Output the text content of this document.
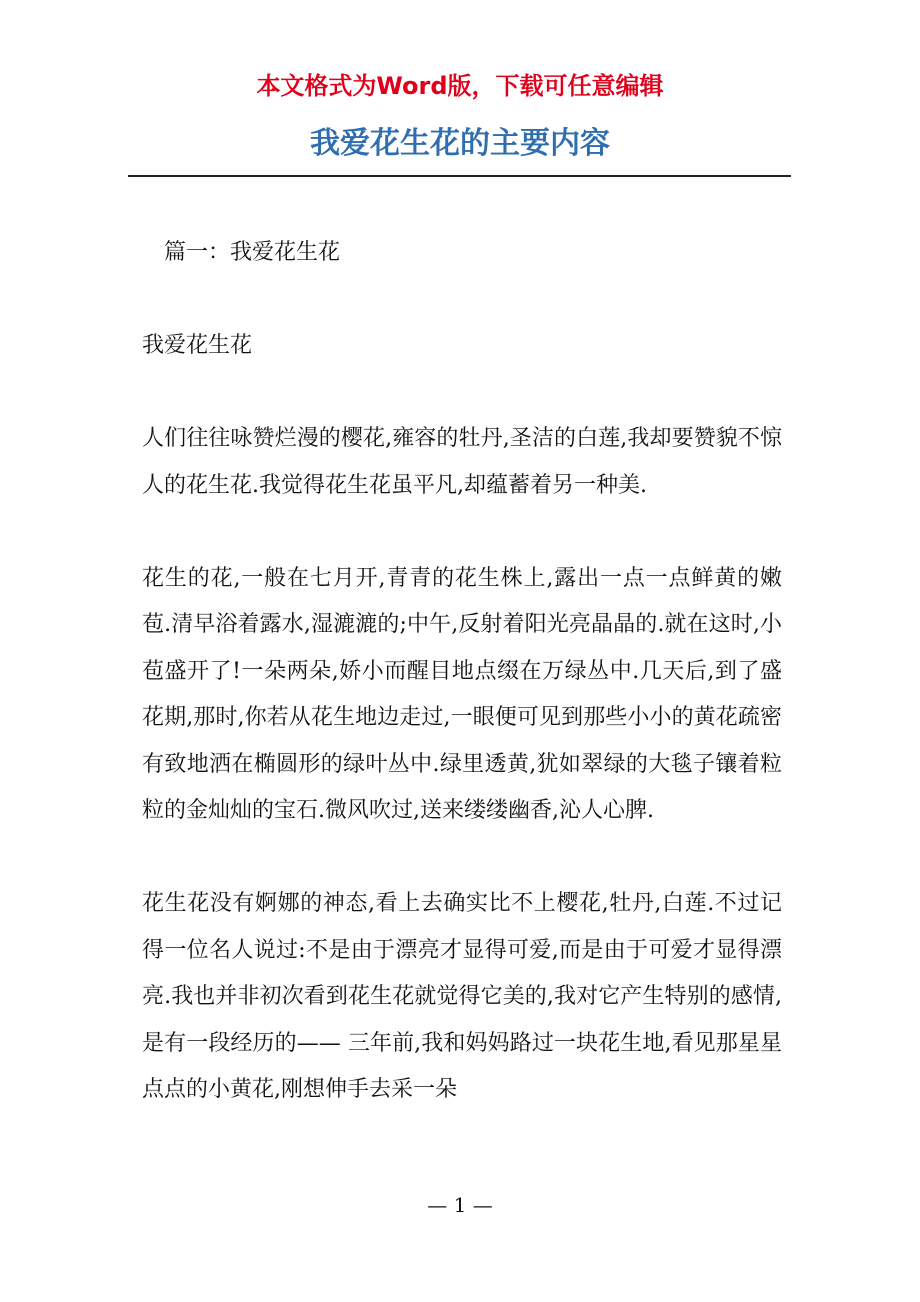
本文格式为Word版，下载可任意编辑
我爱花生花的主要内容

篇一：我爱花生花

我爱花生花

人们往往咏赞烂漫的樱花,雍容的牡丹,圣洁的白莲,我却要赞貌不惊人的花生花.我觉得花生花虽平凡,却蕴蓄着另一种美.

花生的花,一般在七月开,青青的花生株上,露出一点一点鲜黄的嫩苞.清早浴着露水,湿漉漉的;中午,反射着阳光亮晶晶的.就在这时,小苞盛开了!一朵两朵,娇小而醒目地点缀在万绿丛中.几天后,到了盛花期,那时,你若从花生地边走过,一眼便可见到那些小小的黄花疏密有致地洒在椭圆形的绿叶丛中.绿里透黄,犹如翠绿的大毯子镶着粒粒的金灿灿的宝石.微风吹过,送来缕缕幽香,沁人心脾.

花生花没有婀娜的神态,看上去确实比不上樱花,牡丹,白莲.不过记得一位名人说过:不是由于漂亮才显得可爱,而是由于可爱才显得漂亮.我也并非初次看到花生花就觉得它美的,我对它产生特别的感情,是有一段经历的—— 三年前,我和妈妈路过一块花生地,看见那星星点点的小黄花,刚想伸手去采一朵

— 1 —
